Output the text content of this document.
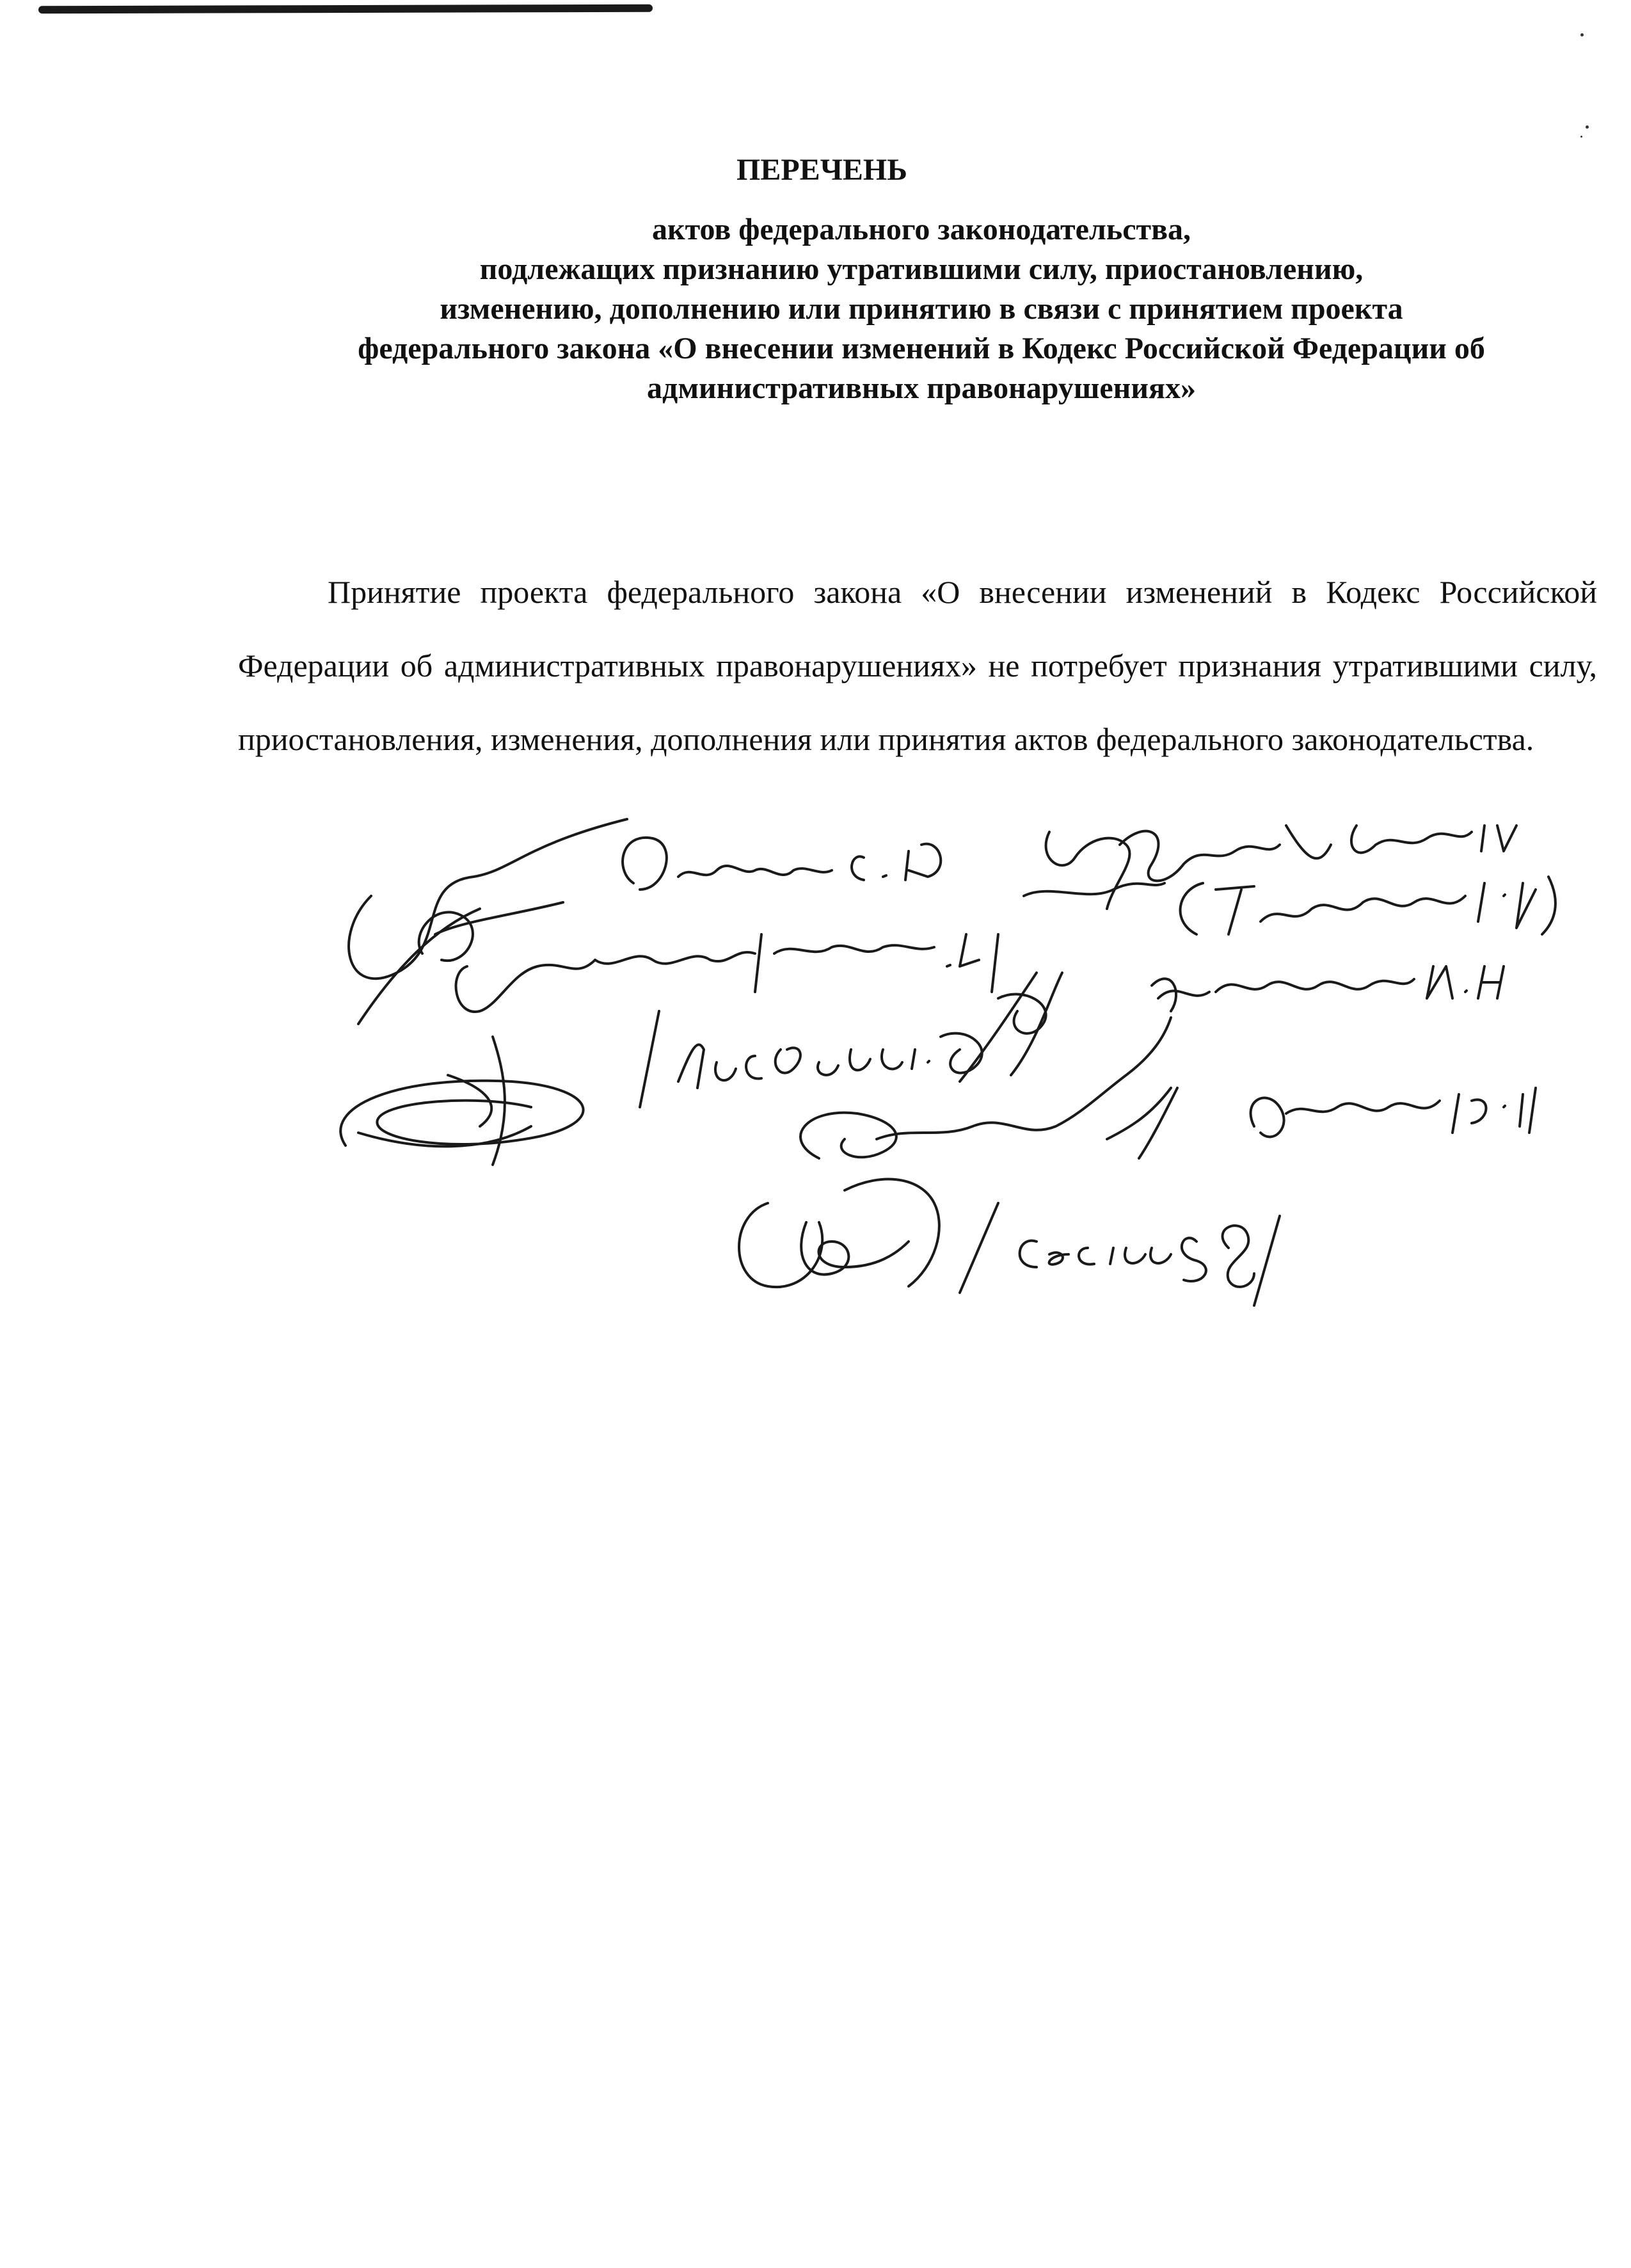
ПЕРЕЧЕНЬ
актов федерального законодательства,
подлежащих признанию утратившими силу, приостановлению,
изменению, дополнению или принятию в связи с принятием проекта
федерального закона «О внесении изменений в Кодекс Российской Федерации об
административных правонарушениях»

Принятие проекта федерального закона «О внесении изменений в Кодекс Российской Федерации об административных правонарушениях» не потребует признания утратившими силу, приостановления, изменения, дополнения или принятия актов федерального законодательства.
